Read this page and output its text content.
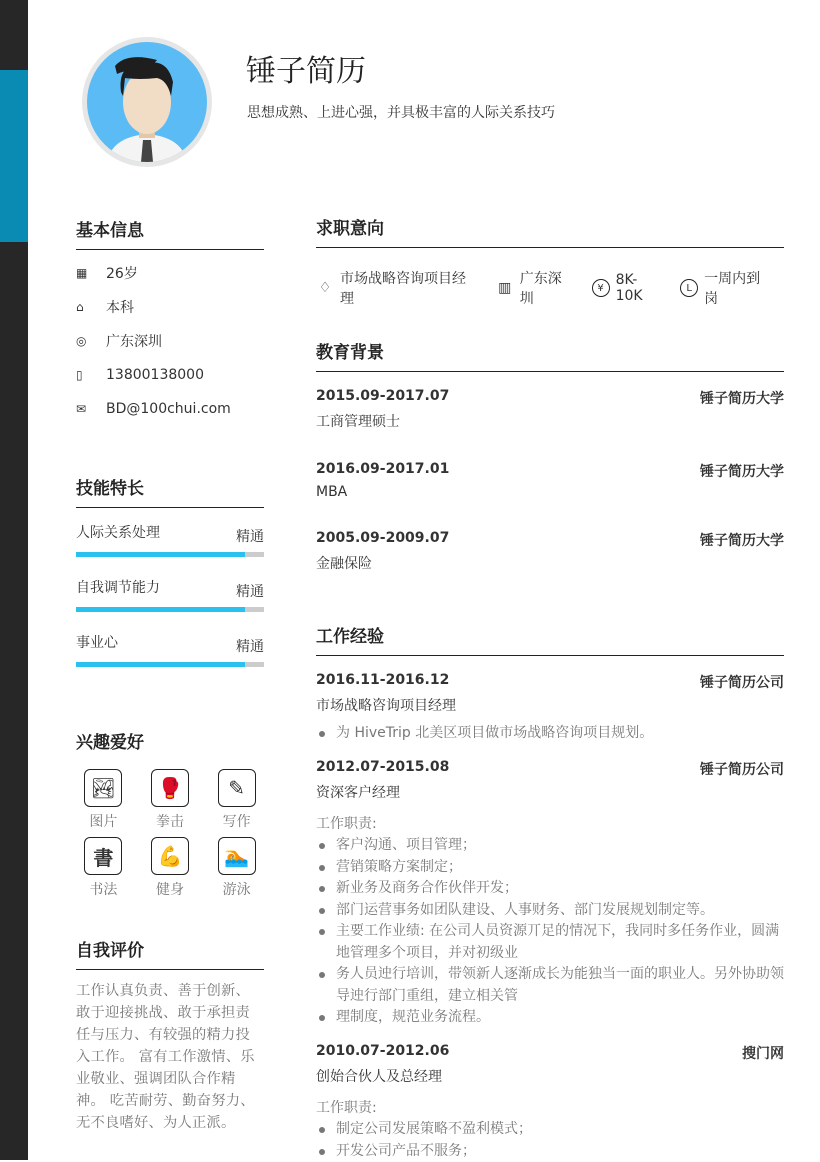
锤子简历
思想成熟、上进心强，并具极丰富的人际关系技巧
基本信息
▦	26岁
⌂	本科
◎	广东深圳
▯	13800138000
✉	BD@100chui.com
技能特长
人际关系处理	精通
自我调节能力	精通
事业心	精通
兴趣爱好
🏞
图片
🥊
拳击
✎
写作
書
书法
💪
健身
🏊
游泳
自我评价
工作认真负责、善于创新、敢于迎接挑战、敢于承担责任与压力、有较强的精力投入工作。 富有工作激情、乐业敬业、强调团队合作精神。 吃苦耐劳、勤奋努力、无不良嗜好、为人正派。
求职意向
♢
市场战略咨询项目经理
▥
广东深圳
¥ 8K-10K	L
一周内到岗
教育背景
2015.09-2017.07	锤子简历大学
工商管理硕士
2016.09-2017.01	锤子简历大学
MBA
2005.09-2009.07	锤子简历大学
金融保险
工作经验
2016.11-2016.12	锤子简历公司
市场战略咨询项目经理
为 HiveTrip 北美区项目做市场战略咨询项目规划。
2012.07-2015.08	锤子简历公司
资深客户经理
工作职责:
客户沟通、项目管理；
营销策略方案制定；
新业务及商务合作伙伴开发；
部门运营事务如团队建设、人事财务、部门发展规划制定等。
主要工作业绩: 在公司人员资源丌足的情况下，我同时多任务作业，圆满地管理多个项目，并对初级业
务人员迚行培训，带领新人逐渐成长为能独当一面的职业人。另外协助领导迚行部门重组，建立相关管
理制度，规范业务流程。
2010.07-2012.06	搜门网
创始合伙人及总经理
工作职责:
制定公司发展策略不盈利模式；
开发公司产品不服务；
